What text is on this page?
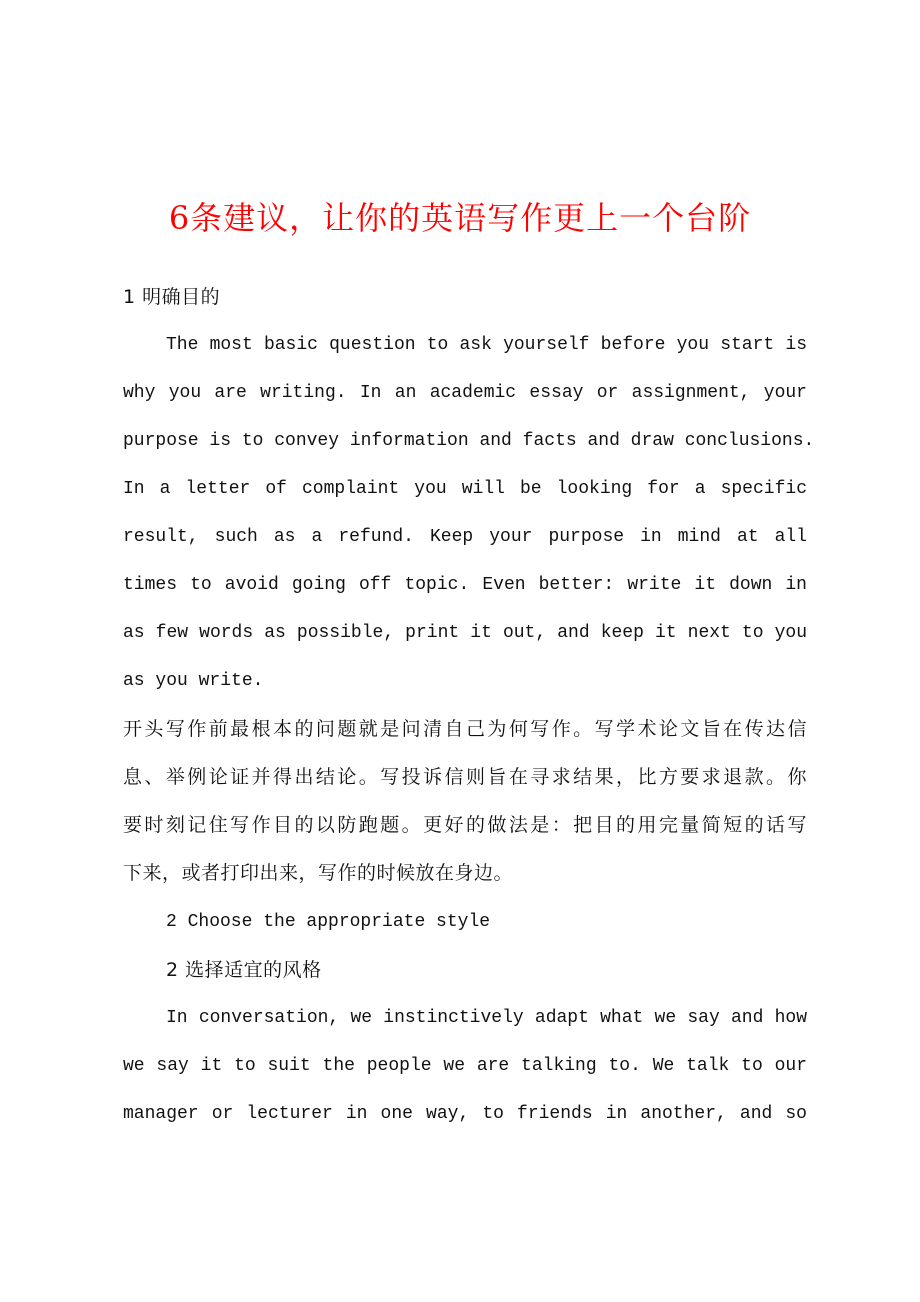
6条建议，让你的英语写作更上一个台阶
1 明确目的
The most basic question to ask yourself before you start is
why you are writing. In an academic essay or assignment, your
purpose is to convey information and facts and draw conclusions.
In a letter of complaint you will be looking for a specific
result, such as a refund. Keep your purpose in mind at all
times to avoid going off topic. Even better: write it down in
as few words as possible, print it out, and keep it next to you
as you write.
开头写作前最根本的问题就是问清自己为何写作。写学术论文旨在传达信
息、举例论证并得出结论。写投诉信则旨在寻求结果，比方要求退款。你
要时刻记住写作目的以防跑题。更好的做法是：把目的用完量简短的话写
下来，或者打印出来，写作的时候放在身边。
2 Choose the appropriate style
2 选择适宜的风格
In conversation, we instinctively adapt what we say and how
we say it to suit the people we are talking to. We talk to our
manager or lecturer in one way, to friends in another, and so
